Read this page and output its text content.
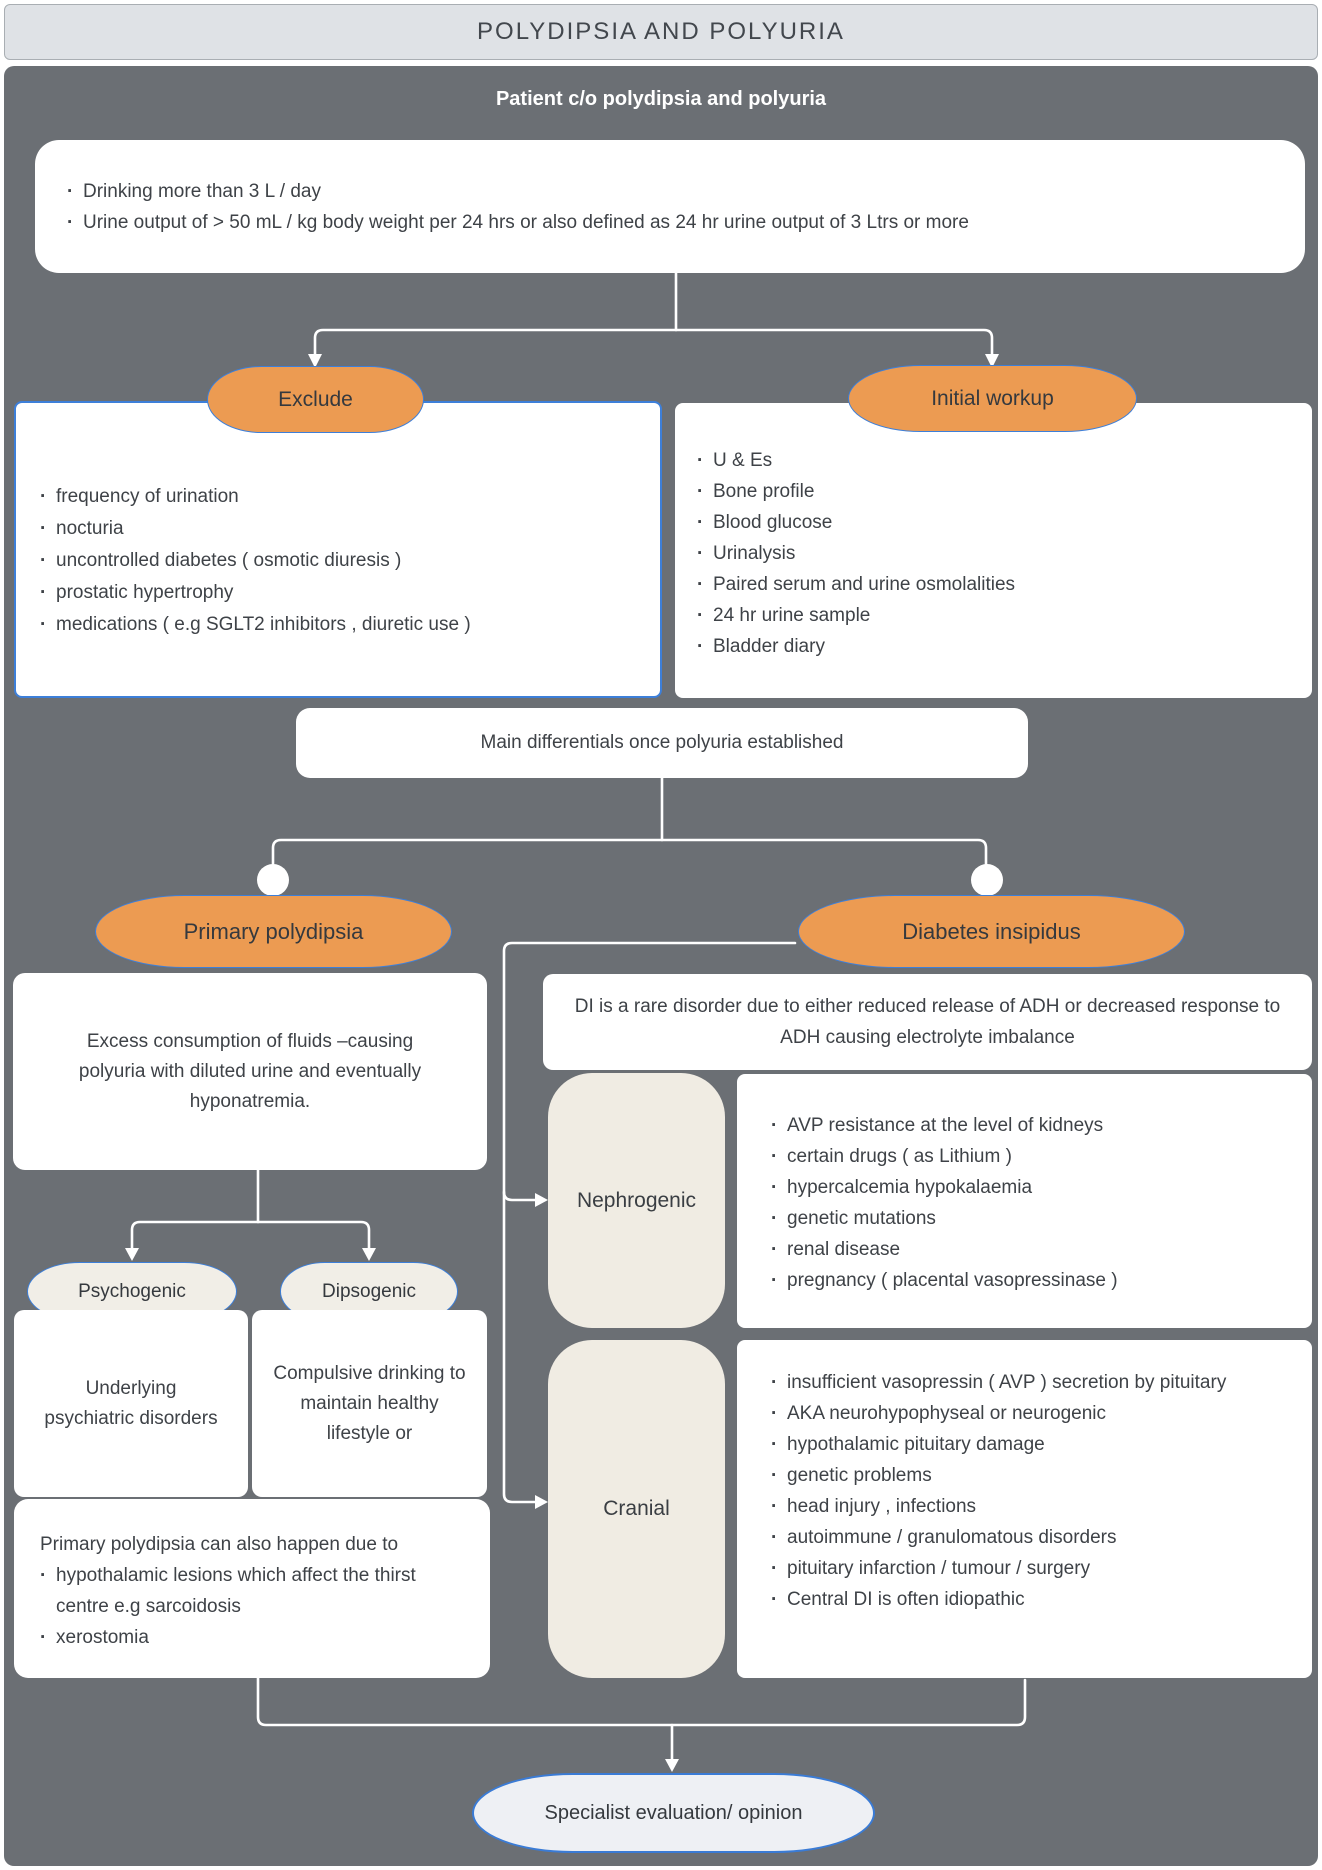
POLYDIPSIA AND POLYURIA
Patient c/o polydipsia and polyuria
· Drinking more than 3 L / day
· Urine output of > 50 mL / kg body weight per 24 hrs or also defined as 24 hr urine output of 3 Ltrs or more
· frequency of urination
· nocturia
· uncontrolled diabetes ( osmotic diuresis )
· prostatic hypertrophy
· medications ( e.g SGLT2 inhibitors , diuretic use )
Exclude
· U & Es
· Bone profile
· Blood glucose
· Urinalysis
· Paired serum and urine osmolalities
· 24 hr urine sample
· Bladder diary
Initial workup
Main differentials once polyuria established
Primary polydipsia
Excess consumption of fluids –causing polyuria with diluted urine and eventually hyponatremia.
Psychogenic	Dipsogenic
Underlying psychiatric disorders
Compulsive drinking to maintain healthy lifestyle or
Primary polydipsia can also happen due to
· hypothalamic lesions which affect the thirst centre e.g sarcoidosis
· xerostomia
Diabetes insipidus
DI is a rare disorder due to either reduced release of ADH or decreased response to ADH causing electrolyte imbalance
Nephrogenic
· AVP resistance at the level of kidneys
· certain drugs ( as Lithium )
· hypercalcemia hypokalaemia
· genetic mutations
· renal disease
· pregnancy ( placental vasopressinase )
Cranial
· insufficient vasopressin ( AVP ) secretion by pituitary
· AKA neurohypophyseal or neurogenic
· hypothalamic pituitary damage
· genetic problems
· head injury , infections
· autoimmune / granulomatous disorders
· pituitary infarction / tumour / surgery
· Central DI is often idiopathic
Specialist evaluation/ opinion
